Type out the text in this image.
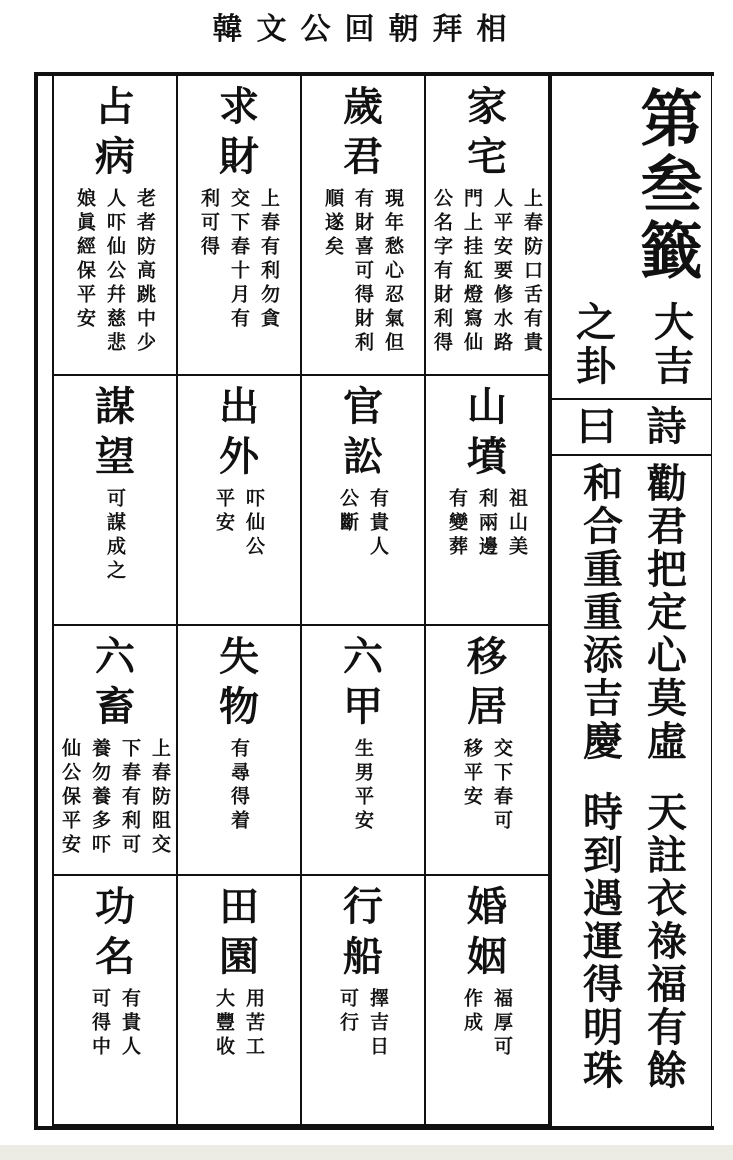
韓文公回朝拜相
家
宅
上春防口舌有貴
人平安要修水路
門上挂紅燈寫仙
公名字有財利得
歲
君
現年愁心忍氣但
有財喜可得財利
順遂矣
求
財
上春有利勿貪
交下春十月有
利可得
占
病
老者防高跳中少
人吓仙公幷慈悲
娘眞經保平安
山
墳
祖山美
利兩邊
有變葬
官
訟
有貴人
公斷
出
外
吓仙公
平安
謀
望
可謀成之
移
居
交下春可
移平安
六
甲
生男平安
失
物
有尋得着
六
畜
上春防阻交
下春有利可
養勿養多吓
仙公保平安
婚
姻
福厚可
作成
行
船
擇吉日
可行
田
園
用苦工
大豐收
功
名
有貴人
可得中
第叁籤
大吉
之卦
詩
曰
勸君把定心莫虛天註衣祿福有餘
和合重重添吉慶時到遇運得明珠
